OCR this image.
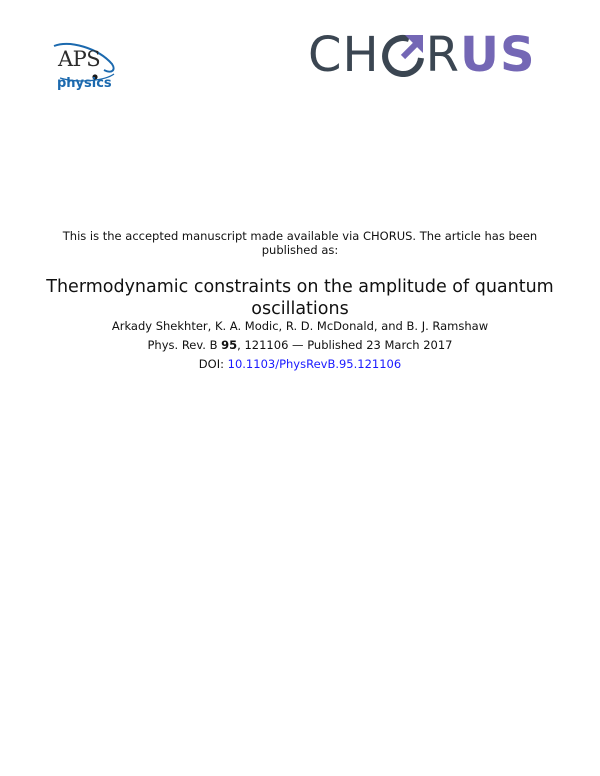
APS
physics
CH R US
This is the accepted manuscript made available via CHORUS. The article has been published as:
Thermodynamic constraints on the amplitude of quantum oscillations
Arkady Shekhter, K. A. Modic, R. D. McDonald, and B. J. Ramshaw
Phys. Rev. B 95, 121106 — Published 23 March 2017
DOI: 10.1103/PhysRevB.95.121106
